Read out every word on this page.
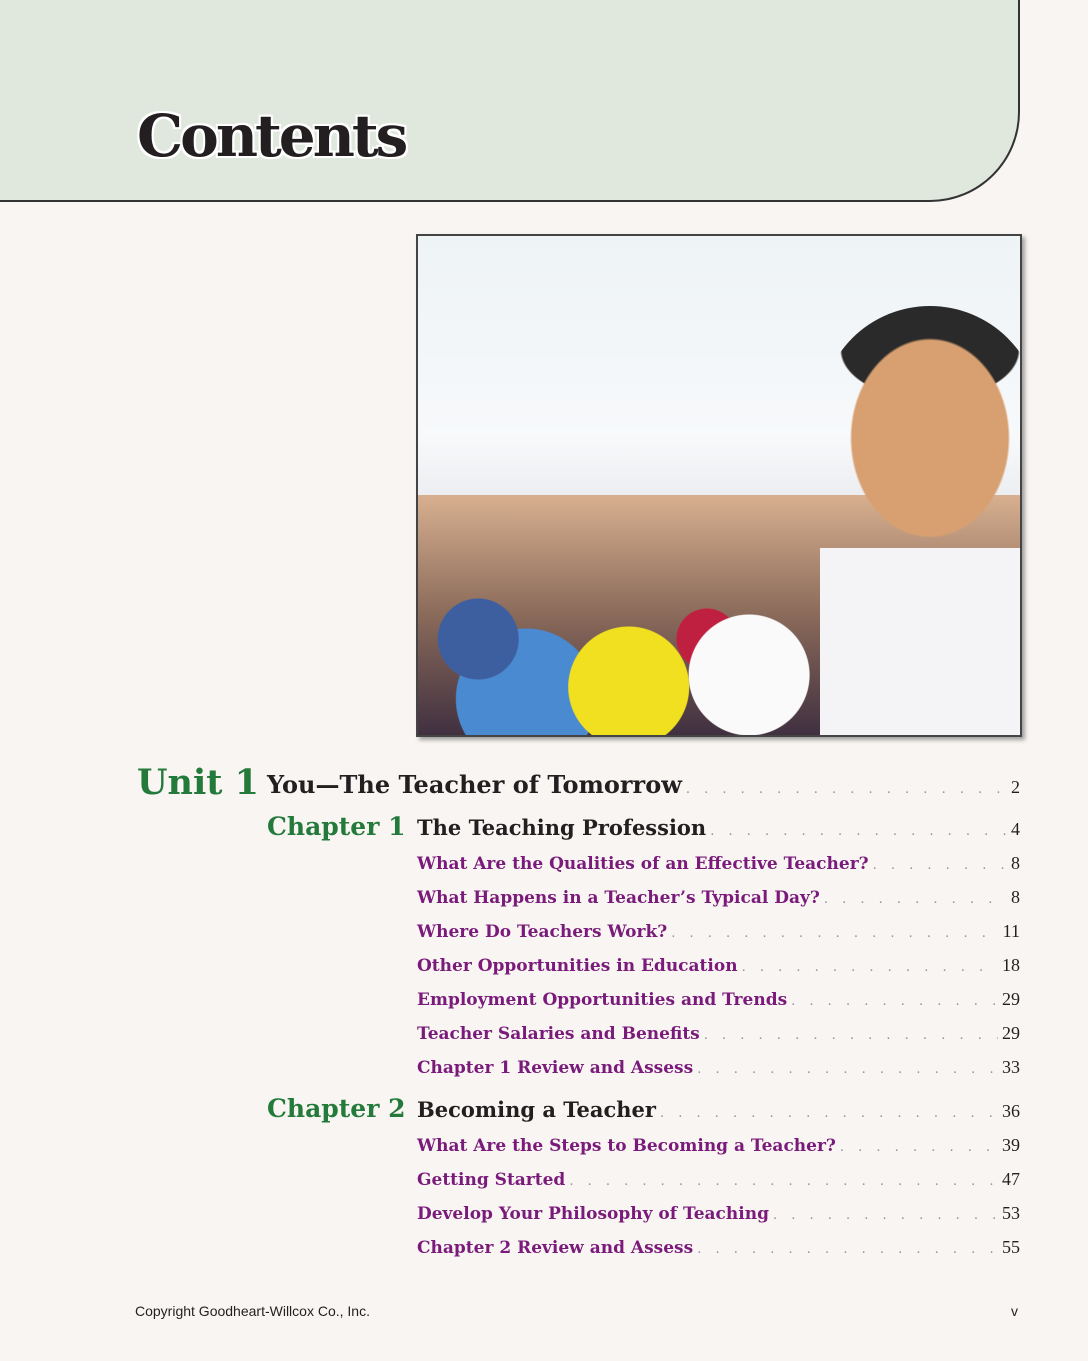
Contents
Unit 1 You—The Teacher of Tomorrow . . .	2
Chapter 1 The Teaching Profession . . .	4
What Are the Qualities of an Effective Teacher? . . .	8
What Happens in a Teacher’s Typical Day? . . .	8
Where Do Teachers Work? . . .	11
Other Opportunities in Education . . .	18
Employment Opportunities and Trends . . .	29
Teacher Salaries and Benefits . . .	29
Chapter 1 Review and Assess . . .	33
Chapter 2 Becoming a Teacher . . .	36
What Are the Steps to Becoming a Teacher? . . .	39
Getting Started . . .	47
Develop Your Philosophy of Teaching . . .	53
Chapter 2 Review and Assess . . .	55
Copyright Goodheart-Willcox Co., Inc.	v
